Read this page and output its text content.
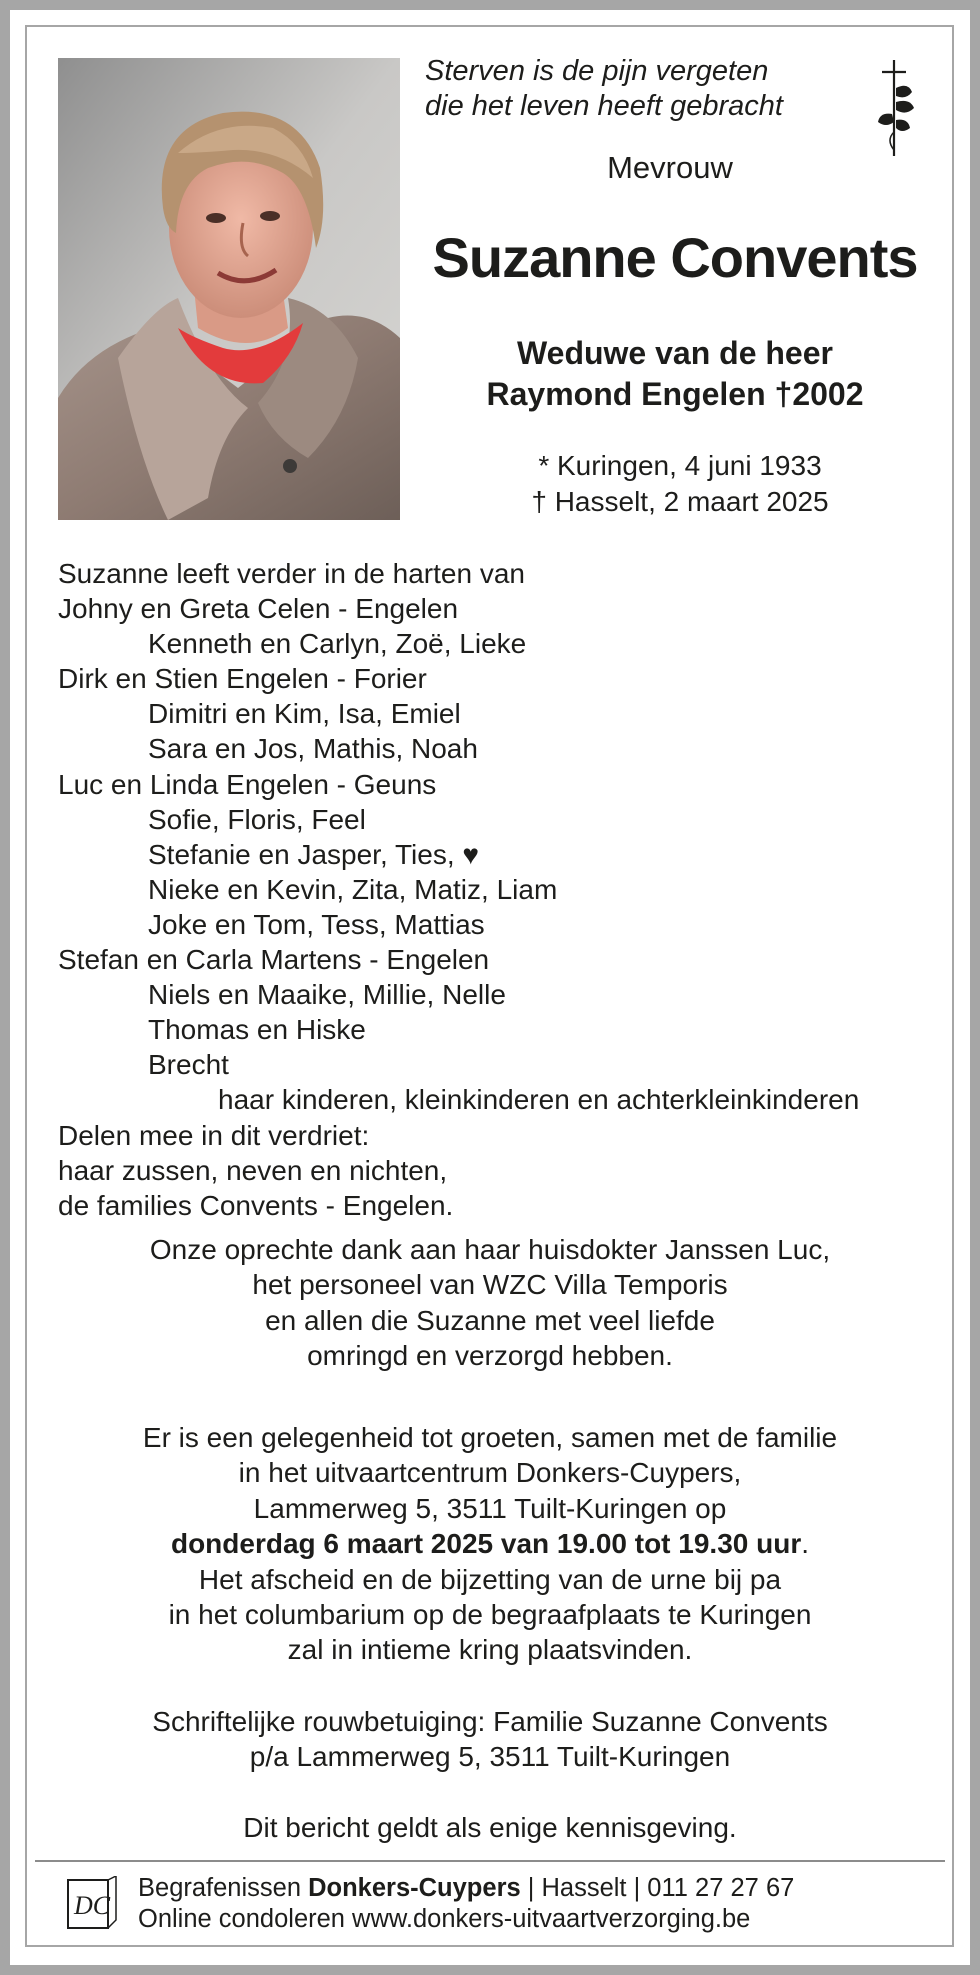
Sterven is de pijn vergeten
die het leven heeft gebracht
Mevrouw
Suzanne Convents
Weduwe van de heer
Raymond Engelen †2002
* Kuringen, 4 juni 1933
† Hasselt, 2 maart 2025
Suzanne leeft verder in de harten van
Johny en Greta Celen - Engelen
Kenneth en Carlyn, Zoë, Lieke
Dirk en Stien Engelen - Forier
Dimitri en Kim, Isa, Emiel
Sara en Jos, Mathis, Noah
Luc en Linda Engelen - Geuns
Sofie, Floris, Feel
Stefanie en Jasper, Ties, ♥
Nieke en Kevin, Zita, Matiz, Liam
Joke en Tom, Tess, Mattias
Stefan en Carla Martens - Engelen
Niels en Maaike, Millie, Nelle
Thomas en Hiske
Brecht
haar kinderen, kleinkinderen en achterkleinkinderen
Delen mee in dit verdriet:
haar zussen, neven en nichten,
de families Convents - Engelen.
Onze oprechte dank aan haar huisdokter Janssen Luc,
het personeel van WZC Villa Temporis
en allen die Suzanne met veel liefde
omringd en verzorgd hebben.
Er is een gelegenheid tot groeten, samen met de familie
in het uitvaartcentrum Donkers-Cuypers,
Lammerweg 5, 3511 Tuilt-Kuringen op
donderdag 6 maart 2025 van 19.00 tot 19.30 uur.
Het afscheid en de bijzetting van de urne bij pa
in het columbarium op de begraafplaats te Kuringen
zal in intieme kring plaatsvinden.
Schriftelijke rouwbetuiging: Familie Suzanne Convents
p/a Lammerweg 5, 3511 Tuilt-Kuringen
Dit bericht geldt als enige kennisgeving.
DC
Begrafenissen Donkers-Cuypers | Hasselt | 011 27 27 67
Online condoleren www.donkers-uitvaartverzorging.be
